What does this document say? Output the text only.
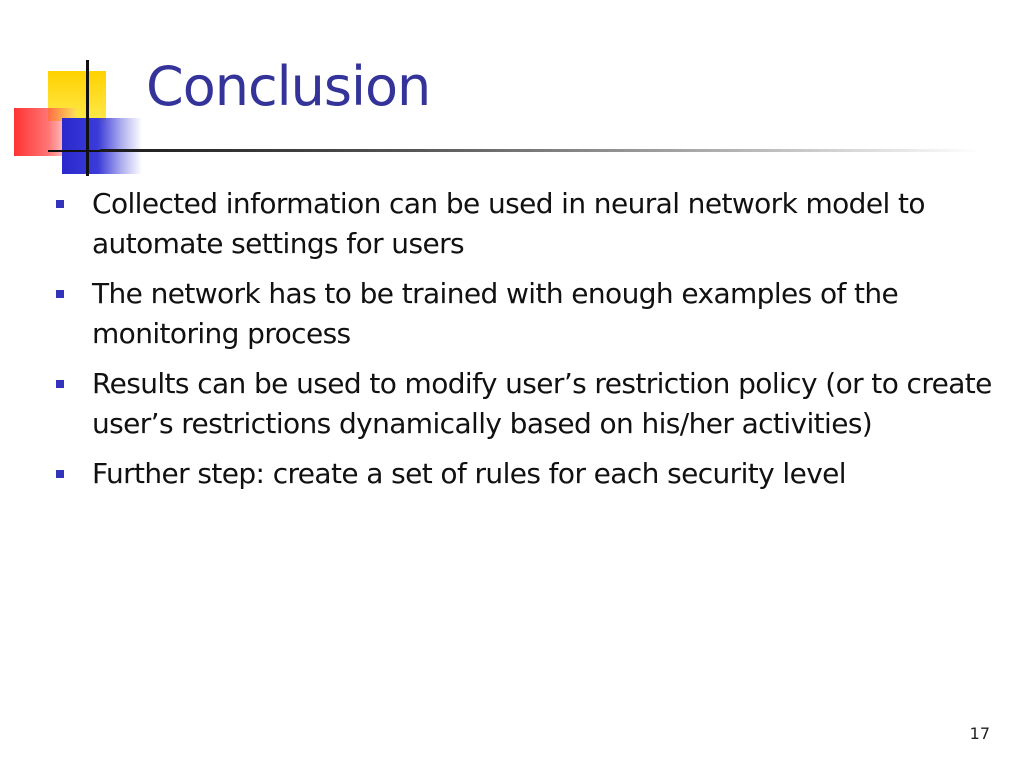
Conclusion
Collected information can be used in neural network model to automate settings for users
The network has to be trained with enough examples of the monitoring process
Results can be used to modify user’s restriction policy (or to create user’s restrictions dynamically based on his/her activities)
Further step: create a set of rules for each security level
17
